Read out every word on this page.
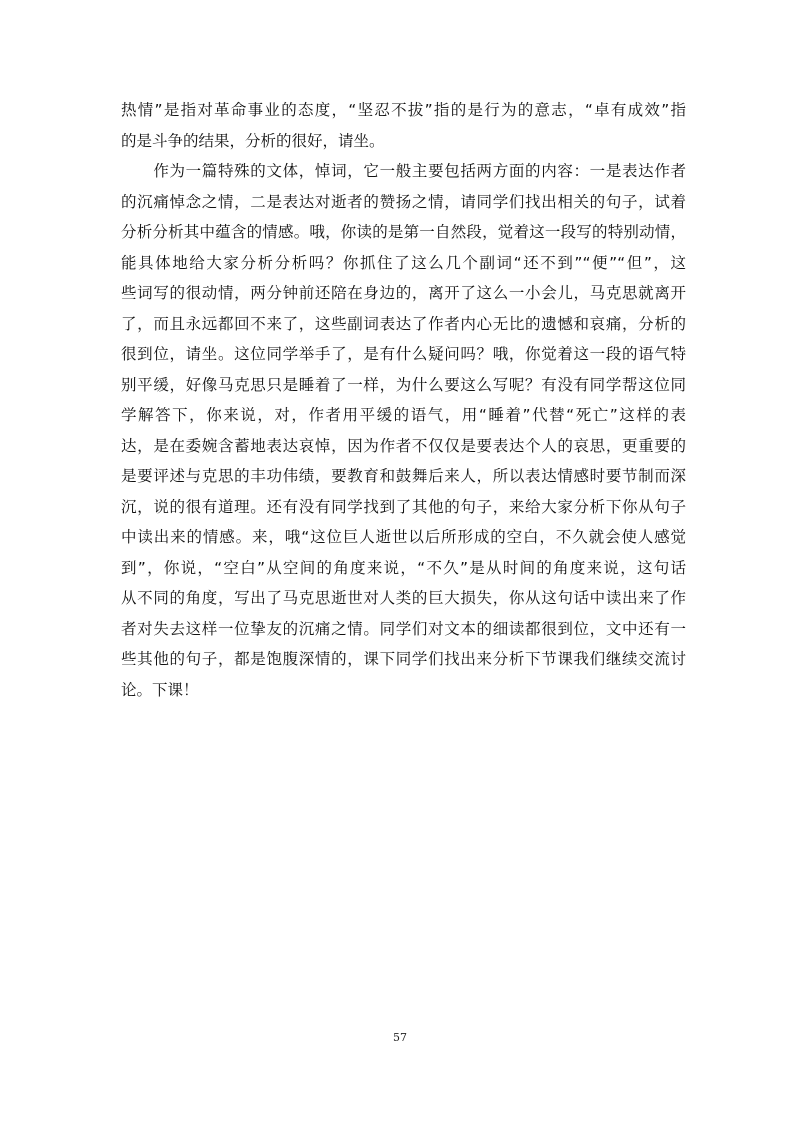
热情”是指对革命事业的态度，“坚忍不拔”指的是行为的意志，“卓有成效”指
的是斗争的结果，分析的很好，请坐。
　　作为一篇特殊的文体，悼词，它一般主要包括两方面的内容：一是表达作者
的沉痛悼念之情，二是表达对逝者的赞扬之情，请同学们找出相关的句子，试着
分析分析其中蕴含的情感。哦，你读的是第一自然段，觉着这一段写的特别动情，
能具体地给大家分析分析吗？你抓住了这么几个副词“还不到”“便”“但”，这
些词写的很动情，两分钟前还陪在身边的，离开了这么一小会儿，马克思就离开
了，而且永远都回不来了，这些副词表达了作者内心无比的遗憾和哀痛，分析的
很到位，请坐。这位同学举手了，是有什么疑问吗？哦，你觉着这一段的语气特
别平缓，好像马克思只是睡着了一样，为什么要这么写呢？有没有同学帮这位同
学解答下，你来说，对，作者用平缓的语气，用“睡着”代替“死亡”这样的表
达，是在委婉含蓄地表达哀悼，因为作者不仅仅是要表达个人的哀思，更重要的
是要评述与克思的丰功伟绩，要教育和鼓舞后来人，所以表达情感时要节制而深
沉，说的很有道理。还有没有同学找到了其他的句子，来给大家分析下你从句子
中读出来的情感。来，哦“这位巨人逝世以后所形成的空白，不久就会使人感觉
到”，你说，“空白”从空间的角度来说，“不久”是从时间的角度来说，这句话
从不同的角度，写出了马克思逝世对人类的巨大损失，你从这句话中读出来了作
者对失去这样一位挚友的沉痛之情。同学们对文本的细读都很到位，文中还有一
些其他的句子，都是饱腹深情的，课下同学们找出来分析下节课我们继续交流讨
论。下课！
57
